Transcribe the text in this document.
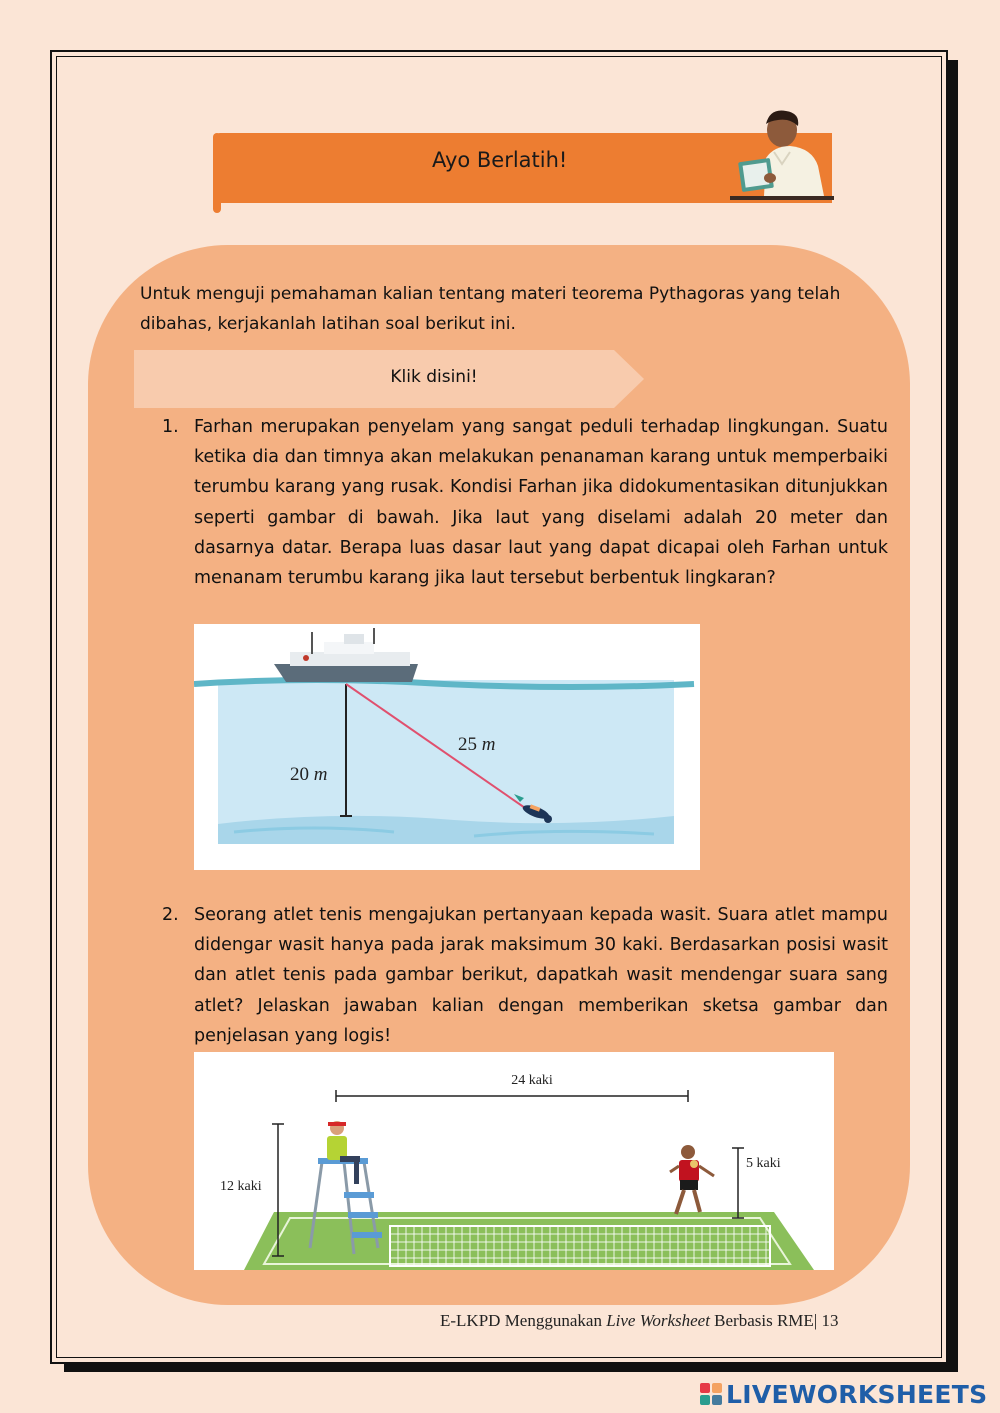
Ayo Berlatih!
Untuk menguji pemahaman kalian tentang materi teorema Pythagoras yang telah dibahas, kerjakanlah latihan soal berikut ini.
Klik disini!
1. Farhan merupakan penyelam yang sangat peduli terhadap lingkungan. Suatu ketika dia dan timnya akan melakukan penanaman karang untuk memperbaiki terumbu karang yang rusak. Kondisi Farhan jika didokumentasikan ditunjukkan seperti gambar di bawah. Jika laut yang diselami adalah 20 meter dan dasarnya datar. Berapa luas dasar laut yang dapat dicapai oleh Farhan untuk menanam terumbu karang jika laut tersebut berbentuk lingkaran?
20 m
25 m
2. Seorang atlet tenis mengajukan pertanyaan kepada wasit. Suara atlet mampu didengar wasit hanya pada jarak maksimum 30 kaki. Berdasarkan posisi wasit dan atlet tenis pada gambar berikut, dapatkah wasit mendengar suara sang atlet? Jelaskan jawaban kalian dengan memberikan sketsa gambar dan penjelasan yang logis!
24 kaki
12 kaki
5 kaki
E-LKPD Menggunakan Live Worksheet Berbasis RME| 13
LIVEWORKSHEETS
